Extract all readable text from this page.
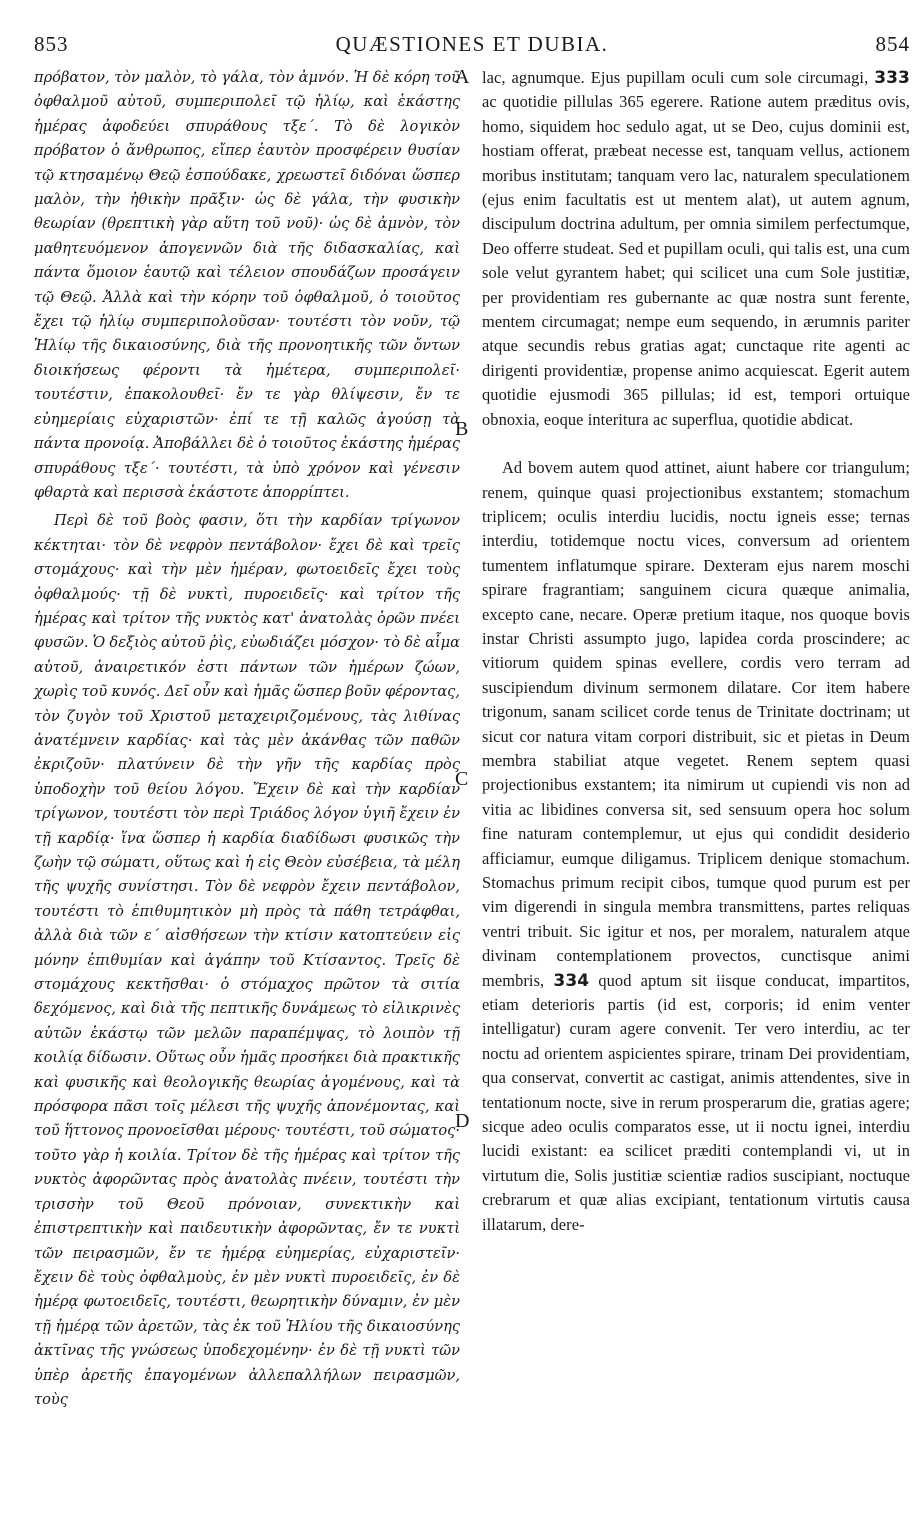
853	QUÆSTIONES ET DUBIA.	854

πρόβατον, τὸν μαλὸν, τὸ γάλα, τὸν ἀμνόν. Ἡ δὲ κόρη τοῦ ὀφθαλμοῦ αὐτοῦ, συμπεριπολεῖ τῷ ἡλίῳ, καὶ ἑκάστης ἡμέρας ἀφοδεύει σπυράθους τξε΄. Τὸ δὲ λογικὸν πρόβατον ὁ ἄνθρωπος, εἴπερ ἑαυτὸν προσφέρειν θυσίαν τῷ κτησαμένῳ Θεῷ ἐσπούδακε, χρεωστεῖ διδόναι ὥσπερ μαλὸν, τὴν ἠθικὴν πρᾶξιν· ὡς δὲ γάλα, τὴν φυσικὴν θεωρίαν (θρεπτικὴ γὰρ αὕτη τοῦ νοῦ)· ὡς δὲ ἀμνὸν, τὸν μαθητευόμενον ἀπογεννῶν διὰ τῆς διδασκαλίας, καὶ πάντα ὅμοιον ἑαυτῷ καὶ τέλειον σπουδάζων προσάγειν τῷ Θεῷ. Ἀλλὰ καὶ τὴν κόρην τοῦ ὀφθαλμοῦ, ὁ τοιοῦτος ἔχει τῷ ἡλίῳ συμπεριπολοῦσαν· τουτέστι τὸν νοῦν, τῷ Ἡλίῳ τῆς δικαιοσύνης, διὰ τῆς προνοητικῆς τῶν ὄντων διοικήσεως φέροντι τὰ ἡμέτερα, συμπεριπολεῖ· τουτέστιν, ἐπακολουθεῖ· ἔν τε γὰρ θλίψεσιν, ἔν τε εὐημερίαις εὐχαριστῶν· ἐπί τε τῇ καλῶς ἀγούσῃ τὰ πάντα προνοίᾳ. Ἀποβάλλει δὲ ὁ τοιοῦτος ἑκάστης ἡμέρας σπυράθους τξε΄· τουτέστι, τὰ ὑπὸ χρόνον καὶ γένεσιν φθαρτὰ καὶ περισσὰ ἑκάστοτε ἀπορρίπτει.

Περὶ δὲ τοῦ βοὸς φασιν, ὅτι τὴν καρδίαν τρίγωνον κέκτηται· τὸν δὲ νεφρὸν πεντάβολον· ἔχει δὲ καὶ τρεῖς στομάχους· καὶ τὴν μὲν ἡμέραν, φωτοειδεῖς ἔχει τοὺς ὀφθαλμούς· τῇ δὲ νυκτὶ, πυροειδεῖς· καὶ τρίτον τῆς ἡμέρας καὶ τρίτον τῆς νυκτὸς κατ' ἀνατολὰς ὁρῶν πνέει φυσῶν. Ὁ δεξιὸς αὐτοῦ ῥὶς, εὐωδιάζει μόσχον· τὸ δὲ αἷμα αὐτοῦ, ἀναιρετικόν ἐστι πάντων τῶν ἡμέρων ζώων, χωρὶς τοῦ κυνός. Δεῖ οὖν καὶ ἡμᾶς ὥσπερ βοῦν φέροντας, τὸν ζυγὸν τοῦ Χριστοῦ μεταχειριζομένους, τὰς λιθίνας ἀνατέμνειν καρδίας· καὶ τὰς μὲν ἀκάνθας τῶν παθῶν ἐκριζοῦν· πλατύνειν δὲ τὴν γῆν τῆς καρδίας πρὸς ὑποδοχὴν τοῦ θείου λόγου. Ἔχειν δὲ καὶ τὴν καρδίαν τρίγωνον, τουτέστι τὸν περὶ Τριάδος λόγον ὑγιῆ ἔχειν ἐν τῇ καρδίᾳ· ἵνα ὥσπερ ἡ καρδία διαδίδωσι φυσικῶς τὴν ζωὴν τῷ σώματι, οὕτως καὶ ἡ εἰς Θεὸν εὐσέβεια, τὰ μέλη τῆς ψυχῆς συνίστησι. Τὸν δὲ νεφρὸν ἔχειν πεντάβολον, τουτέστι τὸ ἐπιθυμητικὸν μὴ πρὸς τὰ πάθη τετράφθαι, ἀλλὰ διὰ τῶν ε΄ αἰσθήσεων τὴν κτίσιν κατοπτεύειν εἰς μόνην ἐπιθυμίαν καὶ ἀγάπην τοῦ Κτίσαντος. Τρεῖς δὲ στομάχους κεκτῆσθαι· ὁ στόμαχος πρῶτον τὰ σιτία δεχόμενος, καὶ διὰ τῆς πεπτικῆς δυνάμεως τὸ εἰλικρινὲς αὐτῶν ἑκάστῳ τῶν μελῶν παραπέμψας, τὸ λοιπὸν τῇ κοιλίᾳ δίδωσιν. Οὕτως οὖν ἡμᾶς προσήκει διὰ πρακτικῆς καὶ φυσικῆς καὶ θεολογικῆς θεωρίας ἀγομένους, καὶ τὰ πρόσφορα πᾶσι τοῖς μέλεσι τῆς ψυχῆς ἀπονέμοντας, καὶ τοῦ ἥττονος προνοεῖσθαι μέρους· τουτέστι, τοῦ σώματος· τοῦτο γὰρ ἡ κοιλία. Τρίτον δὲ τῆς ἡμέρας καὶ τρίτον τῆς νυκτὸς ἀφορῶντας πρὸς ἀνατολὰς πνέειν, τουτέστι τὴν τρισσὴν τοῦ Θεοῦ πρόνοιαν, συνεκτικὴν καὶ ἐπιστρεπτικὴν καὶ παιδευτικὴν ἀφορῶντας, ἔν τε νυκτὶ τῶν πειρασμῶν, ἔν τε ἡμέρᾳ εὐημερίας, εὐχαριστεῖν· ἔχειν δὲ τοὺς ὀφθαλμοὺς, ἐν μὲν νυκτὶ πυροειδεῖς, ἐν δὲ ἡμέρᾳ φωτοειδεῖς, τουτέστι, θεωρητικὴν δύναμιν, ἐν μὲν τῇ ἡμέρᾳ τῶν ἀρετῶν, τὰς ἐκ τοῦ Ἡλίου τῆς δικαιοσύνης ἀκτῖνας τῆς γνώσεως ὑποδεχομένην· ἐν δὲ τῇ νυκτὶ τῶν ὑπὲρ ἀρετῆς ἐπαγομένων ἀλλεπαλλήλων πειρασμῶν, τοὺς

A
B
C
D

lac, agnumque. Ejus pupillam oculi cum sole circumagi, 333 ac quotidie pillulas 365 egerere. Ratione autem præditus ovis, homo, siquidem hoc sedulo agat, ut se Deo, cujus dominii est, hostiam offerat, præbeat necesse est, tanquam vellus, actionem moribus institutam; tanquam vero lac, naturalem speculationem (ejus enim facultatis est ut mentem alat), ut autem agnum, discipulum doctrina adultum, per omnia similem perfectumque, Deo offerre studeat. Sed et pupillam oculi, qui talis est, una cum sole velut gyrantem habet; qui scilicet una cum Sole justitiæ, per providentiam res gubernante ac quæ nostra sunt ferente, mentem circumagat; nempe eum sequendo, in ærumnis pariter atque secundis rebus gratias agat; cunctaque rite agenti ac dirigenti providentiæ, propense animo acquiescat. Egerit autem quotidie ejusmodi 365 pillulas; id est, tempori ortuique obnoxia, eoque interitura ac superflua, quotidie abdicat.

Ad bovem autem quod attinet, aiunt habere cor triangulum; renem, quinque quasi projectionibus exstantem; stomachum triplicem; oculis interdiu lucidis, noctu igneis esse; ternas interdiu, totidemque noctu vices, conversum ad orientem tumentem inflatumque spirare. Dexteram ejus narem moschi spirare fragrantiam; sanguinem cicura quæque animalia, excepto cane, necare. Operæ pretium itaque, nos quoque bovis instar Christi assumpto jugo, lapidea corda proscindere; ac vitiorum quidem spinas evellere, cordis vero terram ad suscipiendum divinum sermonem dilatare. Cor item habere trigonum, sanam scilicet corde tenus de Trinitate doctrinam; ut sicut cor natura vitam corpori distribuit, sic et pietas in Deum membra stabiliat atque vegetet. Renem septem quasi projectionibus exstantem; ita nimirum ut cupiendi vis non ad vitia ac libidines conversa sit, sed sensuum opera hoc solum fine naturam contemplemur, ut ejus qui condidit desiderio afficiamur, eumque diligamus. Triplicem denique stomachum. Stomachus primum recipit cibos, tumque quod purum est per vim digerendi in singula membra transmittens, partes reliquas ventri tribuit. Sic igitur et nos, per moralem, naturalem atque divinam contemplationem provectos, cunctisque animi membris, 334 quod aptum sit iisque conducat, impartitos, etiam deterioris partis (id est, corporis; id enim venter intelligatur) curam agere convenit. Ter vero interdiu, ac ter noctu ad orientem aspicientes spirare, trinam Dei providentiam, qua conservat, convertit ac castigat, animis attendentes, sive in tentationum nocte, sive in rerum prosperarum die, gratias agere; sicque adeo oculis comparatos esse, ut ii noctu ignei, interdiu lucidi existant: ea scilicet præditi contemplandi vi, ut in virtutum die, Solis justitiæ scientiæ radios suscipiant, noctuque crebrarum et quæ alias excipiant, tentationum virtutis causa illatarum, dere-
